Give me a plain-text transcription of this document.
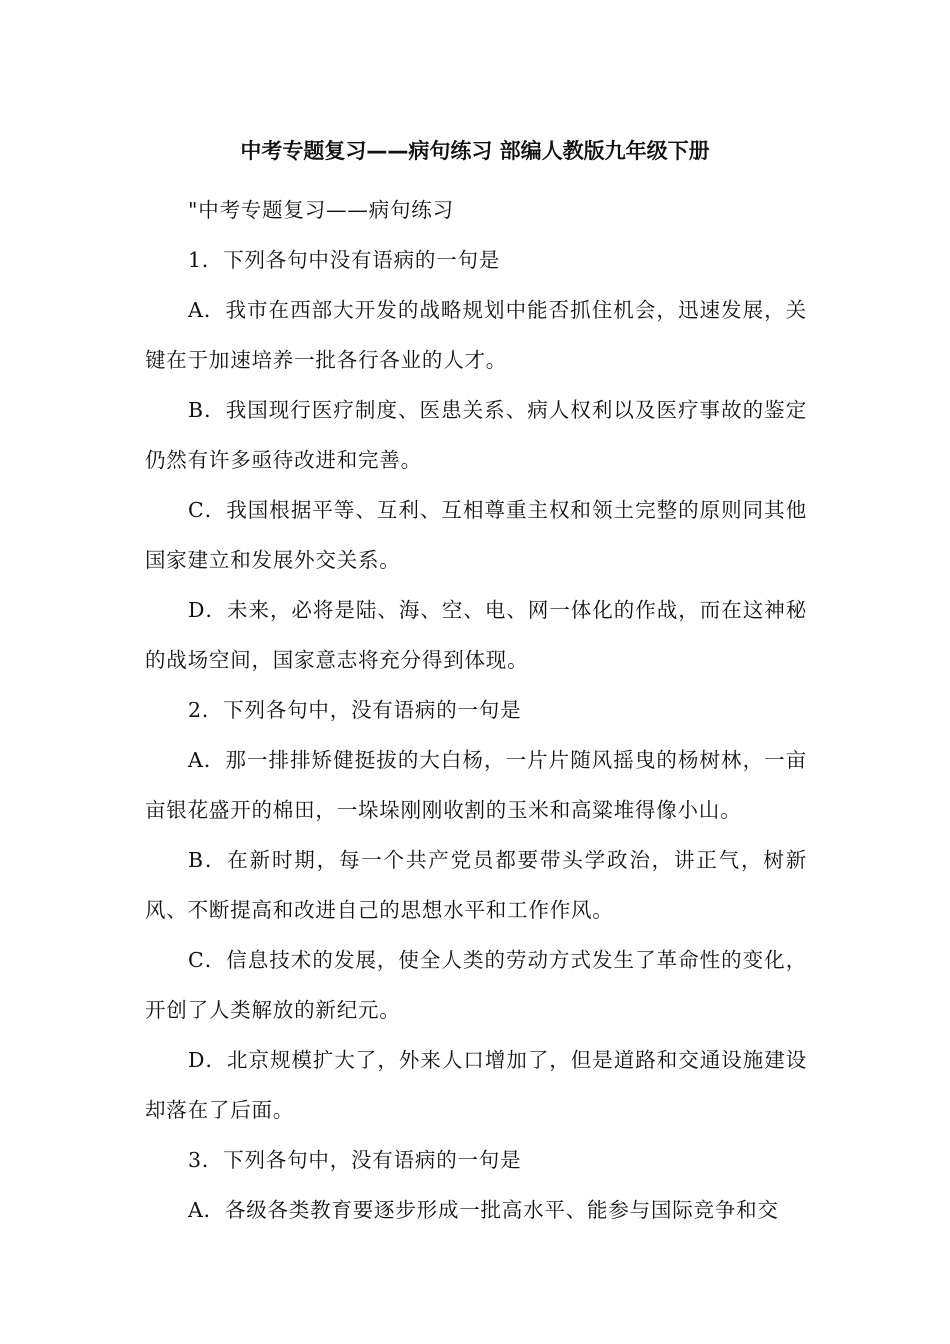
中考专题复习——病句练习 部编人教版九年级下册

"中考专题复习——病句练习

1．下列各句中没有语病的一句是

A．我市在西部大开发的战略规划中能否抓住机会，迅速发展，关键在于加速培养一批各行各业的人才。

B．我国现行医疗制度、医患关系、病人权利以及医疗事故的鉴定仍然有许多亟待改进和完善。

C．我国根据平等、互利、互相尊重主权和领土完整的原则同其他国家建立和发展外交关系。

D．未来，必将是陆、海、空、电、网一体化的作战，而在这神秘的战场空间，国家意志将充分得到体现。

2．下列各句中，没有语病的一句是

A．那一排排矫健挺拔的大白杨，一片片随风摇曳的杨树林，一亩亩银花盛开的棉田，一垛垛刚刚收割的玉米和高粱堆得像小山。

B．在新时期，每一个共产党员都要带头学政治，讲正气，树新风、不断提高和改进自己的思想水平和工作作风。

C．信息技术的发展，使全人类的劳动方式发生了革命性的变化，开创了人类解放的新纪元。

D．北京规模扩大了，外来人口增加了，但是道路和交通设施建设却落在了后面。

3．下列各句中，没有语病的一句是

A．各级各类教育要逐步形成一批高水平、能参与国际竞争和交
